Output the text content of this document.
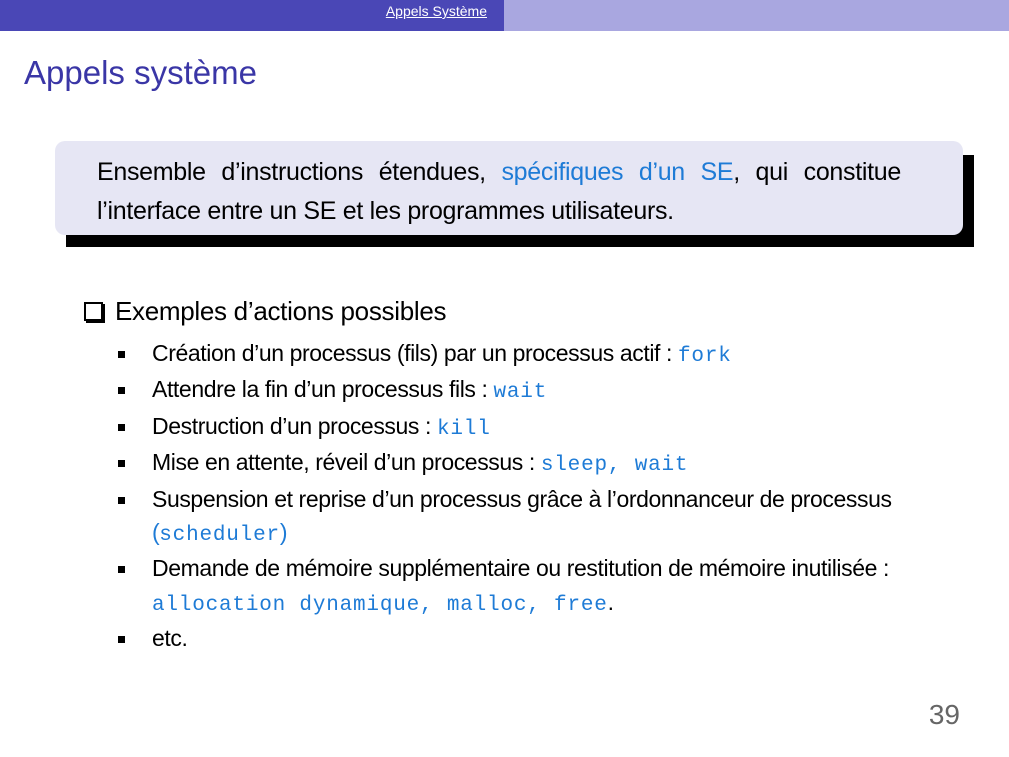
Appels Système
Appels système

Ensemble d’instructions étendues, spécifiques d’un SE, qui constitue l’interface entre un SE et les programmes utilisateurs.

Exemples d’actions possibles
Création d’un processus (fils) par un processus actif : fork
Attendre la fin d’un processus fils : wait
Destruction d’un processus : kill
Mise en attente, réveil d’un processus : sleep, wait
Suspension et reprise d’un processus grâce à l’ordonnanceur de processus (scheduler)
Demande de mémoire supplémentaire ou restitution de mémoire inutilisée : allocation dynamique, malloc, free.
etc.
39
